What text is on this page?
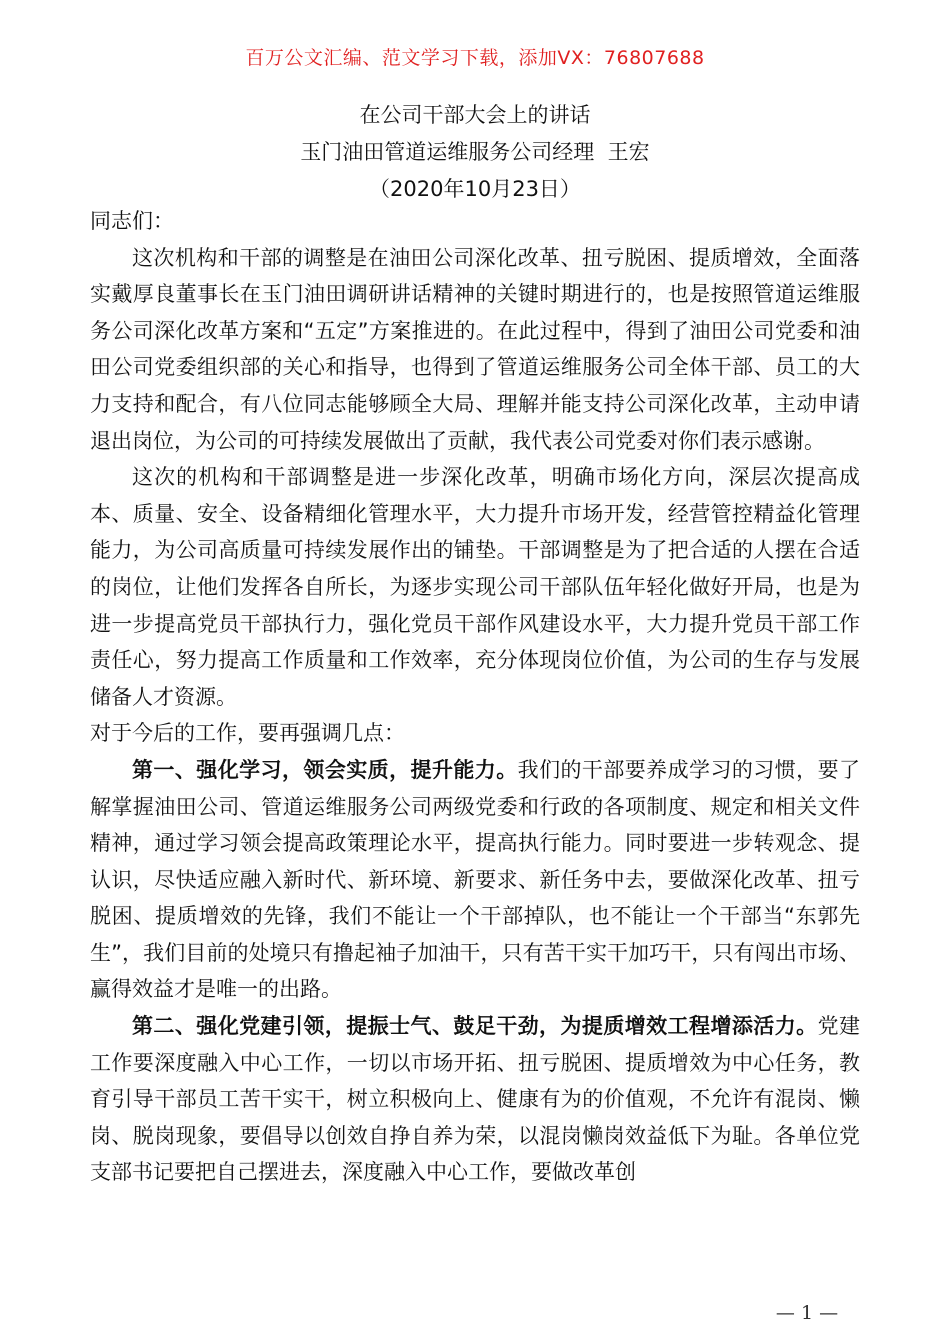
百万公文汇编、范文学习下载，添加VX：76807688
在公司干部大会上的讲话
玉门油田管道运维服务公司经理  王宏
（2020年10月23日）

同志们：

这次机构和干部的调整是在油田公司深化改革、扭亏脱困、提质增效，全面落实戴厚良董事长在玉门油田调研讲话精神的关键时期进行的，也是按照管道运维服务公司深化改革方案和“五定”方案推进的。在此过程中，得到了油田公司党委和油田公司党委组织部的关心和指导，也得到了管道运维服务公司全体干部、员工的大力支持和配合，有八位同志能够顾全大局、理解并能支持公司深化改革，主动申请退出岗位，为公司的可持续发展做出了贡献，我代表公司党委对你们表示感谢。

这次的机构和干部调整是进一步深化改革，明确市场化方向，深层次提高成本、质量、安全、设备精细化管理水平，大力提升市场开发，经营管控精益化管理能力，为公司高质量可持续发展作出的铺垫。干部调整是为了把合适的人摆在合适的岗位，让他们发挥各自所长，为逐步实现公司干部队伍年轻化做好开局，也是为进一步提高党员干部执行力，强化党员干部作风建设水平，大力提升党员干部工作责任心，努力提高工作质量和工作效率，充分体现岗位价值，为公司的生存与发展储备人才资源。

对于今后的工作，要再强调几点：

第一、强化学习，领会实质，提升能力。我们的干部要养成学习的习惯，要了解掌握油田公司、管道运维服务公司两级党委和行政的各项制度、规定和相关文件精神，通过学习领会提高政策理论水平，提高执行能力。同时要进一步转观念、提认识，尽快适应融入新时代、新环境、新要求、新任务中去，要做深化改革、扭亏脱困、提质增效的先锋，我们不能让一个干部掉队，也不能让一个干部当“东郭先生”，我们目前的处境只有撸起袖子加油干，只有苦干实干加巧干，只有闯出市场、赢得效益才是唯一的出路。

第二、强化党建引领，提振士气、鼓足干劲，为提质增效工程增添活力。党建工作要深度融入中心工作，一切以市场开拓、扭亏脱困、提质增效为中心任务，教育引导干部员工苦干实干，树立积极向上、健康有为的价值观，不允许有混岗、懒岗、脱岗现象，要倡导以创效自挣自养为荣，以混岗懒岗效益低下为耻。各单位党支部书记要把自己摆进去，深度融入中心工作，要做改革创

— 1 —
